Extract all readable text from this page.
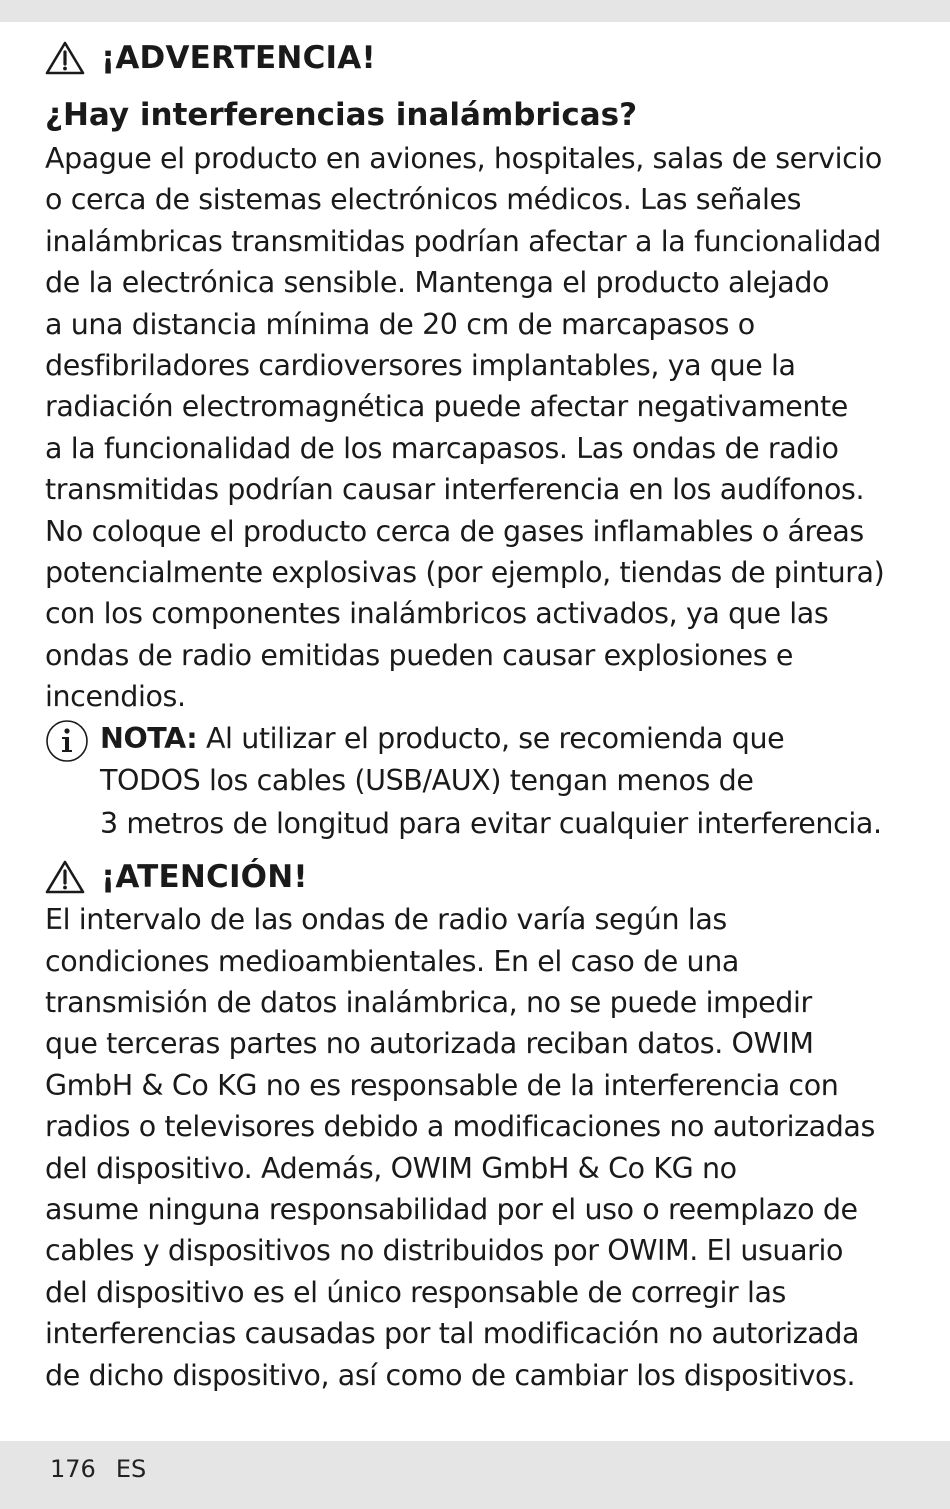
¡ADVERTENCIA!
¿Hay interferencias inalámbricas?

Apague el producto en aviones, hospitales, salas de servicio
o cerca de sistemas electrónicos médicos. Las señales
inalámbricas transmitidas podrían afectar a la funcionalidad
de la electrónica sensible. Mantenga el producto alejado
a una distancia mínima de 20 cm de marcapasos o
desfibriladores cardioversores implantables, ya que la
radiación electromagnética puede afectar negativamente
a la funcionalidad de los marcapasos. Las ondas de radio
transmitidas podrían causar interferencia en los audífonos.
No coloque el producto cerca de gases inflamables o áreas
potencialmente explosivas (por ejemplo, tiendas de pintura)
con los componentes inalámbricos activados, ya que las
ondas de radio emitidas pueden causar explosiones e
incendios.

NOTA: Al utilizar el producto, se recomienda que
TODOS los cables (USB/AUX) tengan menos de
3 metros de longitud para evitar cualquier interferencia.
¡ATENCIÓN!

El intervalo de las ondas de radio varía según las
condiciones medioambientales. En el caso de una
transmisión de datos inalámbrica, no se puede impedir
que terceras partes no autorizada reciban datos. OWIM
GmbH & Co KG no es responsable de la interferencia con
radios o televisores debido a modificaciones no autorizadas
del dispositivo. Además, OWIM GmbH & Co KG no
asume ninguna responsabilidad por el uso o reemplazo de
cables y dispositivos no distribuidos por OWIM. El usuario
del dispositivo es el único responsable de corregir las
interferencias causadas por tal modificación no autorizada
de dicho dispositivo, así como de cambiar los dispositivos.

176 ES
